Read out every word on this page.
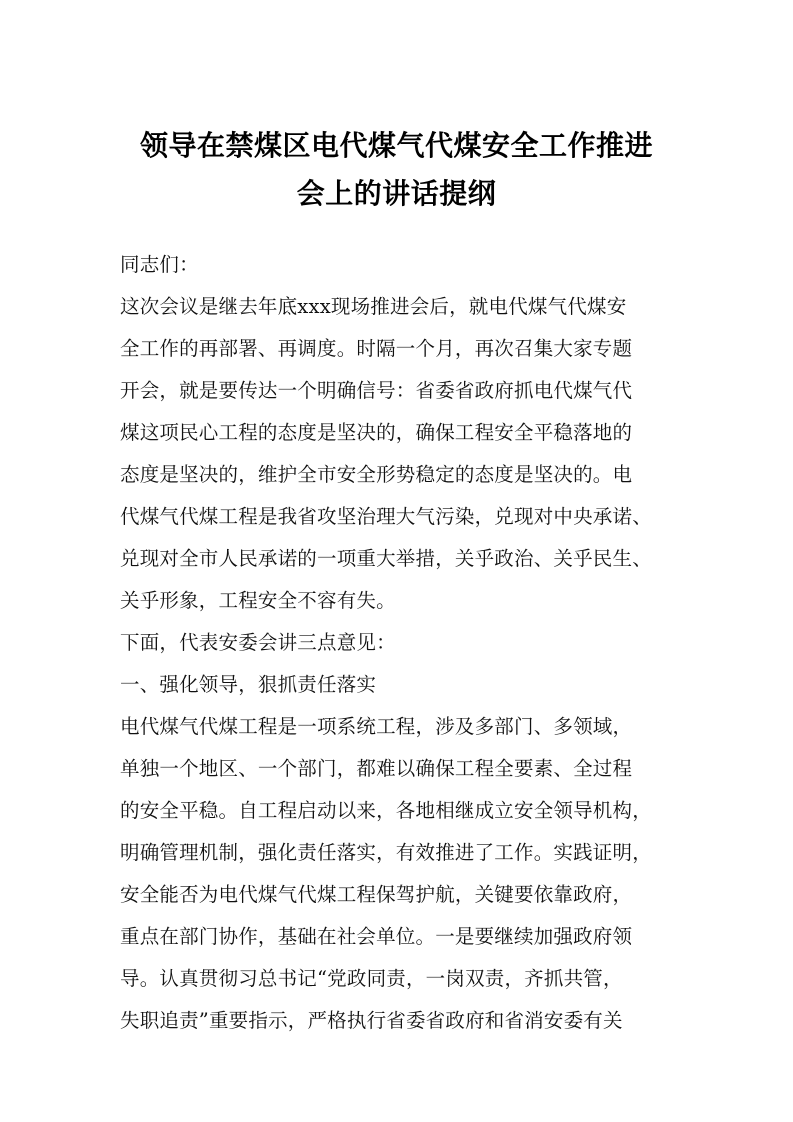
领导在禁煤区电代煤气代煤安全工作推进
会上的讲话提纲
同志们：
这次会议是继去年底xxx现场推进会后，就电代煤气代煤安
全工作的再部署、再调度。时隔一个月，再次召集大家专题
开会，就是要传达一个明确信号：省委省政府抓电代煤气代
煤这项民心工程的态度是坚决的，确保工程安全平稳落地的
态度是坚决的，维护全市安全形势稳定的态度是坚决的。电
代煤气代煤工程是我省攻坚治理大气污染，兑现对中央承诺、
兑现对全市人民承诺的一项重大举措，关乎政治、关乎民生、
关乎形象，工程安全不容有失。
下面，代表安委会讲三点意见：
一、强化领导，狠抓责任落实
电代煤气代煤工程是一项系统工程，涉及多部门、多领域，
单独一个地区、一个部门，都难以确保工程全要素、全过程
的安全平稳。自工程启动以来，各地相继成立安全领导机构，
明确管理机制，强化责任落实，有效推进了工作。实践证明，
安全能否为电代煤气代煤工程保驾护航，关键要依靠政府，
重点在部门协作，基础在社会单位。一是要继续加强政府领
导。认真贯彻习总书记“党政同责，一岗双责，齐抓共管，
失职追责”重要指示，严格执行省委省政府和省消安委有关
